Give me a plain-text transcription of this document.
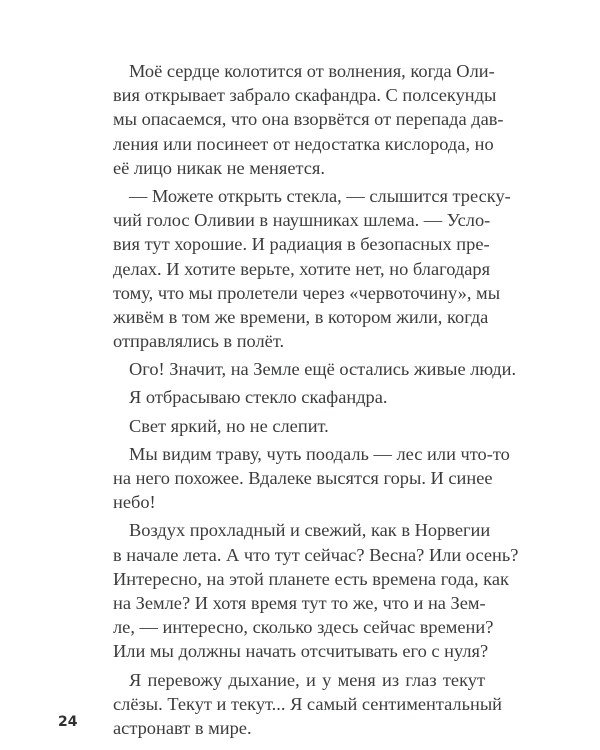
Моё сердце колотится от волнения, когда Оли-
вия открывает забрало скафандра. С полсекунды
мы опасаемся, что она взорвётся от перепада дав-
ления или посинеет от недостатка кислорода, но
её лицо никак не меняется.
— Можете открыть стекла, — слышится треску-
чий голос Оливии в наушниках шлема. — Усло-
вия тут хорошие. И радиация в безопасных пре-
делах. И хотите верьте, хотите нет, но благодаря
тому, что мы пролетели через «червоточину», мы
живём в том же времени, в котором жили, когда
отправлялись в полёт.
Ого! Значит, на Земле ещё остались живые люди.
Я отбрасываю стекло скафандра.
Свет яркий, но не слепит.
Мы видим траву, чуть поодаль — лес или что-то
на него похожее. Вдалеке высятся горы. И синее
небо!
Воздух прохладный и свежий, как в Норвегии
в начале лета. А что тут сейчас? Весна? Или осень?
Интересно, на этой планете есть времена года, как
на Земле? И хотя время тут то же, что и на Зем-
ле, — интересно, сколько здесь сейчас времени?
Или мы должны начать отсчитывать его с нуля?
Я перевожу дыхание, и у меня из глаз текут
слёзы. Текут и текут... Я самый сентиментальный
астронавт в мире.
24
